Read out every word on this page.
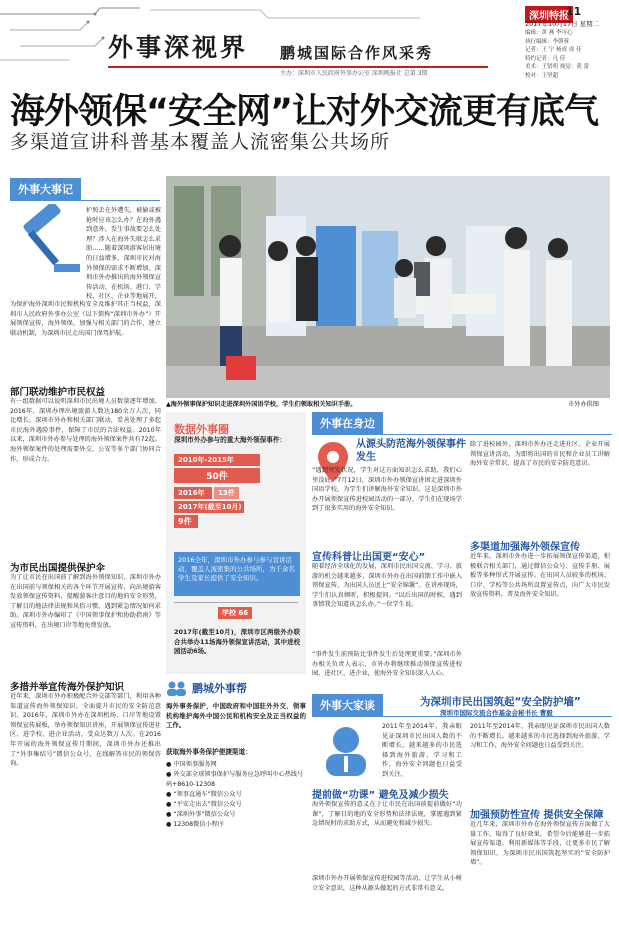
外事深视界 鹏城国际合作风采秀
主办：深圳市人民政府外事办公室 深圳晚报社 总第 3期
深圳特报
11
2017年10月17日 星期二
编辑：黄 燕 李可心
执行编辑：李朝蓉
记者：王 宁 杨成 成 佳
特约记者：凡 佳
美术：王贤明 视觉：黄 蕾
校对：王坚超
海外领保“安全网”让对外交流更有底气
多渠道宣讲科普基本覆盖人流密集公共场所
外事大事记
护照丢在外遭失，被偷或被抢时应该怎么办？在海外遇到意外，发生事故要怎么处理？涉入在海外失联怎么求助……随着深圳游客居出境的日益增多，深圳市民对海外领保的需求不断增加。深圳市外办推出的海外领保宣传活动，在机场、港口、学校、社区、企业等地展开，
为保护海外深圳市民和机构安全及维护其正当权益，深圳市人民政府外事办公室（以下简称“深圳市外办”）开展领保宣传，海外领保，加强与相关部门的合作，建立联动机制，为深圳市民走出国门保驾护航。
部门联动维护市民权益
有一组数据可以说明深圳市民出境人员数量逐年增加，2016年，深圳办理出境旅游人数达180余万人次，同比增长。深圳市外办和相关部门联动，妥善处理了多起市民海外遇险事件，保障了市民的合法权益。2010年以来，深圳市外办参与处理的海外领保案件共有72起。海外领保案件的处理需要外交、公安等多个部门协同合作，形成合力。
为市民出国提供保护伞
为了让市民在出国前了解到海外领保知识，深圳市外办在出国前与领保相关的各个环节开展宣传，向出境游客发放领保宣传资料，提醒游客注意目的地的安全形势，了解目的地法律法规和风俗习惯，遇到紧急情况如何求助。深圳市外办编印了《中国领事保护和协助指南》等宣传资料，在出境口岸等地免费发放。
多措并举宣传海外保护知识
近年来，深圳市外办积极配合外交部等部门，利用各种渠道宣传海外领保知识，全面提升市民的安全防范意识。2016年，深圳市外办在深圳机场、口岸等地设置领保宣传展板，举办领保知识讲座，开展领保宣传进社区、进学校、进企业活动，受众达数万人次。在2016年开展的海外领保宣传月期间，深圳市外办还推出了“外事集结号”微信公众号，在线解答市民的领保咨询。
▲海外领事保护知识走进深圳外国语学校，学生们领取相关知识手册。	市外办供图
数据外事圈
深圳市外办参与的重大海外领保事件：
2010年-2015年
50件
2016年	13件
2017年(截至10月)
9件
2016全年，深圳市外办参与参与宣讲活动，覆盖人流密集的公共场所，为千余名学生及家长提供了安全知识。
学校 66
2017年(截至10月)，深圳市区两级外办联合共举办11场海外领保宣讲活动，其中进校园活动6场。
鹏城外事帮
海外事务保护，中国政府和中国驻外外交、领事机构维护海外中国公民和机构安全及正当权益的工作。
获取海外事务保护便捷渠道：
● 中国领事服务网
● 外交部全球领事保护与服务应急呼叫中心热线号码+8610-12308
● “领事直通车”微信公众号
● “平安走出去”微信公众号
● “深圳外事”微信公众号
● 12308微信小程序
外事在身边
从源头防范海外领保事件发生
“遇到突发状况，学生对这方面知识怎么求助，我们心里没底。”7月12日，深圳市外办领保宣讲团走进深圳外国语学校，为学生们讲解海外安全知识。这是深圳市外办开展领保宣传进校园活动的一部分，学生们在现场学到了很多实用的海外安全知识。
宣传科普让出国更“安心”
随着经济全球化的发展，深圳市民出国交流、学习、旅游的机会越来越多。深圳市外办在出国前期工作中嵌入领保宣传，为出国人员送上“安全锦囊”。在讲座现场，学生们认真倾听，积极提问。“以后出国的时候，遇到事情我会知道该怎么办。”一位学生说。
“事件发生前预防比事件发生后处理更重要。”深圳市外办相关负责人表示，市外办将继续推动领保宣传进校园、进社区、进企业，使海外安全知识深入人心。
除了进校园外，深圳市外办还走进社区、企业开展领保宣讲活动，为即将出国的市民和企业员工讲解海外安全常识，提高了市民的安全防范意识。
多渠道加强海外领保宣传
近年来，深圳市外办进一步拓展领保宣传渠道，积极联合相关部门，通过微信公众号、宣传手册、展板等多种形式开展宣传。在出国人员较多的机场、口岸、学校等公共场所设置宣传点，向广大市民发放宣传资料，普及海外安全知识。
外事大家谈	为深圳市民出国筑起“安全防护墙”
深圳市国际交流合作基金会秘书长 曹毅
2011年至2014年，我亲眼见证深圳市民出国人数的不断增长。越来越多的市民选择到海外旅游、学习和工作，海外安全问题也日益受到关注。
提前做“功课” 避免及减少损失
海外领保宣传的意义在于让市民在出国前提前做好“功课”，了解目的地的安全形势和法律法规，掌握遇到紧急情况时的求助方式，从而避免和减少损失。
深圳市外办开展领保宣传进校园等活动，让学生从小树立安全意识，这种从源头做起的方式非常有意义。
2011年至2014年，我亲眼见证深圳市民出国人数的不断增长。越来越多的市民选择到海外旅游、学习和工作，海外安全问题也日益受到关注。
加强预防性宣传 提供安全保障
近几年来，深圳市外办在海外领保宣传方面做了大量工作，取得了良好效果。希望今后能够进一步拓展宣传渠道，利用新媒体等手段，让更多市民了解领保知识，为深圳市民出国筑起坚实的“安全防护墙”。
